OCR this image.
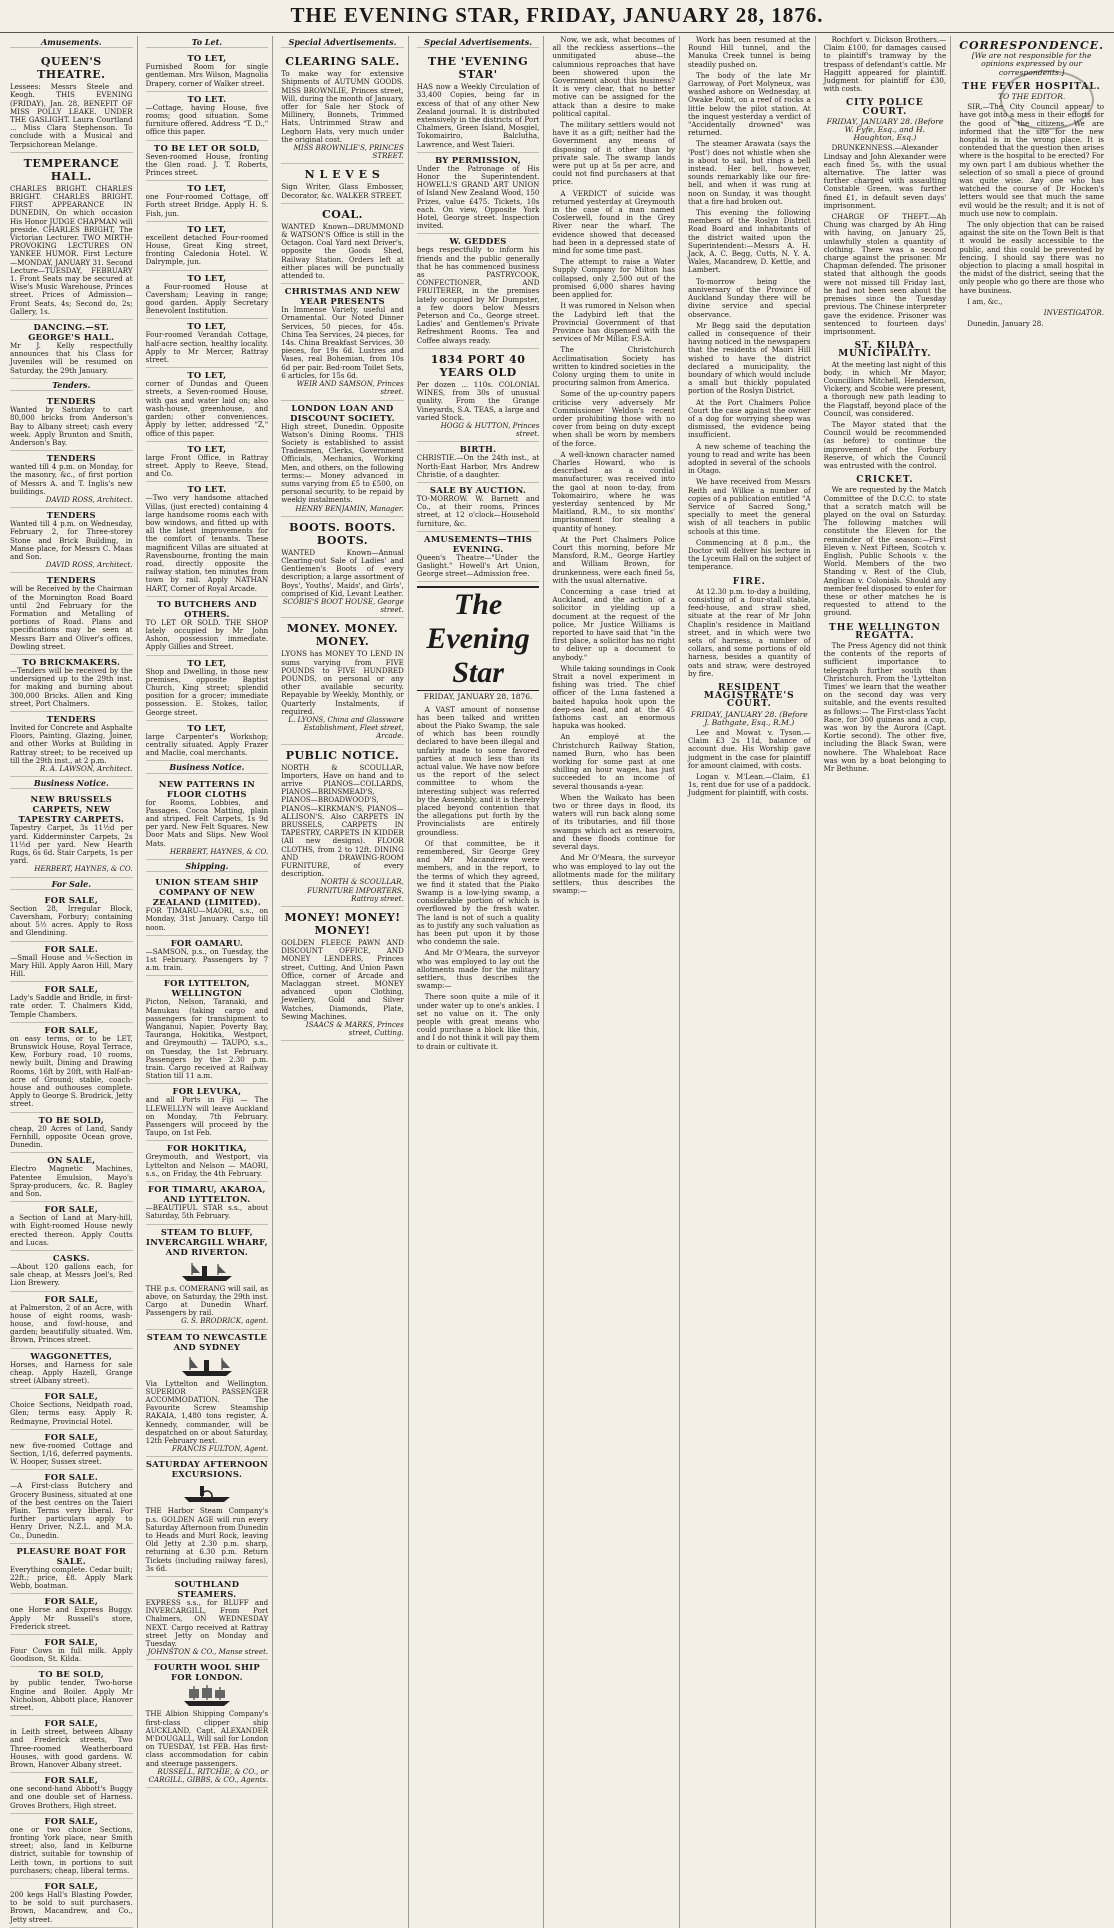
THE EVENING STAR, FRIDAY, JANUARY 28, 1876.
Amusements.
QUEEN'S THEATRE.
Lessees: Messrs Steele and Keogh. THIS EVENING (FRIDAY), Jan. 28, BENEFIT OF MISS POLLY LEAKE. UNDER THE GASLIGHT. Laura Courtland ... Miss Clara Stephenson. To conclude with a Musical and Terpsichorean Melange.
TEMPERANCE HALL.
CHARLES BRIGHT. CHARLES BRIGHT. CHARLES BRIGHT. FIRST APPEARANCE IN DUNEDIN, On which occasion His Honor JUDGE CHAPMAN will preside. CHARLES BRIGHT, The Victorian Lecturer. TWO MIRTH-PROVOKING LECTURES ON YANKEE HUMOR. First Lecture—MONDAY, JANUARY 31. Second Lecture—TUESDAY, FEBRUARY 1. Front Seats may be secured at Wise's Music Warehouse, Princes street. Prices of Admission—Front Seats, 4s; Second do, 2s; Gallery, 1s.
DANCING.—ST. GEORGE'S HALL.
Mr J. Kelly respectfully announces that his Class for Juveniles will be resumed on Saturday, the 29th January.
Tenders.
TENDERS
Wanted by Saturday to cart 80,000 bricks from Anderson's Bay to Albany street; cash every week. Apply Brunton and Smith, Anderson's Bay.
TENDERS
wanted till 4 p.m. on Monday, for the masonry, &c., of first portion of Messrs A. and T. Inglis's new buildings.
DAVID ROSS, Architect.
TENDERS
Wanted till 4 p.m. on Wednesday, February 2, for Three-storey Stone and Brick Building, in Manse place, for Messrs C. Maas and Son.
DAVID ROSS, Architect.
TENDERS
will be Received by the Chairman of the Mornington Road Board until 2nd February for the Formation and Metalling of portions of Road. Plans and specifications may be seen at Messrs Barr and Oliver's offices, Dowling street.
TO BRICKMAKERS.
—Tenders will be received by the undersigned up to the 29th inst. for making and burning about 300,000 Bricks. Allen and King street, Port Chalmers.
TENDERS
Invited for Concrete and Asphalte Floors, Painting, Glazing, Joiner, and other Works at Building in Rattray street; to be received up till the 29th inst., at 2 p.m.
R. A. LAWSON, Architect.
Business Notice.
NEW BRUSSELS CARPETS, NEW TAPESTRY CARPETS.
Tapestry Carpet, 3s 11½d per yard. Kidderminster Carpets, 2s 11½d per yard. New Hearth Rugs, 6s 6d. Stair Carpets, 1s per yard.
HERBERT, HAYNES, & CO.
For Sale.
FOR SALE,
Section 28, Irregular Block, Caversham, Forbury; containing about 5½ acres. Apply to Ross and Glendining.
FOR SALE.
—Small House and ¼-Section in Mary Hill. Apply Aaron Hill, Mary Hill.
FOR SALE,
Lady's Saddle and Bridle, in first-rate order. T. Chalmers Kidd, Temple Chambers.
FOR SALE,
on easy terms, or to be LET, Brunswick House, Royal Terrace, Kew, Forbury road, 10 rooms, newly built, Dining and Drawing Rooms, 16ft by 20ft, with Half-an-acre of Ground; stable, coach-house and outhouses complete. Apply to George S. Brodrick, Jetty street.
TO BE SOLD,
cheap, 20 Acres of Land, Sandy Fernhill, opposite Ocean grove, Dunedin.
ON SALE,
Electro Magnetic Machines, Patentee Emulsion, Mayo's Spray-producers, &c. R. Bagley and Son.
FOR SALE,
a Section of Land at Mary-hill, with Eight-roomed House newly erected thereon. Apply Coutts and Lucas.
CASKS.
—About 120 gallons each, for sale cheap, at Messrs Joel's, Red Lion Brewery.
FOR SALE,
at Palmerston, 2 of an Acre, with house of eight rooms, wash-house, and fowl-house, and garden; beautifully situated. Wm. Brown, Princes street.
WAGGONETTES,
Horses, and Harness for sale cheap. Apply Hazell, Grange street (Albany street).
FOR SALE,
Choice Sections, Neidpath road, Glen; terms easy. Apply R. Redmayne, Provincial Hotel.
FOR SALE,
new five-roomed Cottage and Section, 1/16, deferred payments. W. Hooper, Sussex street.
FOR SALE.
—A First-class Butchery and Grocery Business, situated at one of the best centres on the Taieri Plain. Terms very liberal. For further particulars apply to Henry Driver, N.Z.L. and M.A. Co., Dunedin.
PLEASURE BOAT FOR SALE.
Everything complete. Cedar built; 22ft.; price, £8. Apply Mark Webb, boatman.
FOR SALE,
one Horse and Express Buggy. Apply Mr Russell's store, Frederick street.
FOR SALE,
Four Cows in full milk. Apply Goodison, St. Kilda.
TO BE SOLD,
by public tender, Two-horse Engine and Boiler. Apply Mr Nicholson, Abbott place, Hanover street.
FOR SALE,
in Leith street, between Albany and Frederick streets, Two Three-roomed Weatherboard Houses, with good gardens. W. Brown, Hanover Albany street.
FOR SALE,
one second-hand Abbott's Buggy and one double set of Harness. Groves Brothers, High street.
FOR SALE,
one or two choice Sections, fronting York place, near Smith street; also, land in Kelburne district, suitable for township of Leith town, in portions to suit purchasers; cheap, liberal terms.
FOR SALE,
200 kegs Hall's Blasting Powder, to be sold to suit purchasers. Brown, Macandrew, and Co., Jetty street.
To Let.
TO LET,
Furnished Room for single gentleman. Mrs Wilson, Magnolia Drapery, corner of Walker street.
TO LET.
—Cottage, having House, five rooms; good situation. Some furniture offered. Address "T. D.," office this paper.
TO BE LET OR SOLD,
Seven-roomed House, fronting the Glen road. J. T. Roberts, Princes street.
TO LET,
one Four-roomed Cottage, off Forth street Bridge. Apply H. S. Fish, jun.
TO LET,
excellent detached Four-roomed House, Great King street, fronting Caledonia Hotel. W. Dalrymple, jun.
TO LET,
a Four-roomed House at Caversham; Leaving in range; good garden. Apply Secretary Benevolent Institution.
TO LET,
Four-roomed Verandah Cottage, half-acre section, healthy locality. Apply to Mr Mercer, Rattray street.
TO LET,
corner of Dundas and Queen streets, a Seven-roomed House, with gas and water laid on; also wash-house, greenhouse, and garden; other conveniences. Apply by letter, addressed "Z," office of this paper.
TO LET,
large Front Office, in Rattray street. Apply to Reeve, Stead, and Co.
TO LET.
—Two very handsome attached Villas, (just erected) containing 4 large handsome rooms each with bow windows, and fitted up with all the latest improvements for the comfort of tenants. These magnificent Villas are situated at Ravensbourne, fronting the main road, directly opposite the railway station, ten minutes from town by rail. Apply NATHAN HART, Corner of Royal Arcade.
TO BUTCHERS AND OTHERS.
TO LET OR SOLD. THE SHOP lately occupied by Mr John Ashon, possession immediate. Apply Gillies and Street.
TO LET,
Shop and Dwelling, in those new premises, opposite Baptist Church, King street; splendid position for a grocer; immediate possession. E. Stokes, tailor, George street.
TO LET,
large Carpenter's Workshop; centrally situated. Apply Frazer and Maclie, coal merchants.
Business Notice.
NEW PATTERNS IN FLOOR CLOTHS
for Rooms, Lobbies, and Passages. Cocoa Matting, plain and striped. Felt Carpets, 1s 9d per yard. New Felt Squares. New Door Mats and Slips. New Wool Mats.
HERBERT, HAYNES, & CO.
Shipping.
UNION STEAM SHIP COMPANY OF NEW ZEALAND (LIMITED).
FOR TIMARU—MAORI, s.s., on Monday, 31st January. Cargo till noon.
FOR OAMARU.
—SAMSON, p.s., on Tuesday, the 1st February. Passengers by 7 a.m. train.
FOR LYTTELTON, WELLINGTON
Picton, Nelson, Taranaki, and Manukau (taking cargo and passengers for transhipment to Wanganui, Napier, Poverty Bay, Tauranga, Hokitika, Westport, and Greymouth) — TAUPO, s.s., on Tuesday, the 1st February. Passengers by the 2.30 p.m. train. Cargo received at Railway Station till 11 a.m.
FOR LEVUKA,
and all Ports in Fiji — The LLEWELLYN will leave Auckland on Monday, 7th February. Passengers will proceed by the Taupo, on 1st Feb.
FOR HOKITIKA,
Greymouth, and Westport, via Lyttelton and Nelson — MAORI, s.s., on Friday, the 4th February.
FOR TIMARU, AKAROA, AND LYTTELTON.
—BEAUTIFUL STAR s.s., about Saturday, 5th February.
STEAM TO BLUFF, INVERCARGILL WHARF, AND RIVERTON.
THE p.s. COMERANG will sail, as above, on Saturday, the 29th inst. Cargo at Dunedin Wharf. Passengers by rail.
G. S. BRODRICK, agent.
STEAM TO NEWCASTLE AND SYDNEY
Via Lyttelton and Wellington. SUPERIOR PASSENGER ACCOMMODATION. The Favourite Screw Steamship RAKAIA, 1,480 tons register, A. Kennedy, commander, will be despatched on or about Saturday, 12th February next.
FRANCIS FULTON, Agent.
SATURDAY AFTERNOON EXCURSIONS.
THE Harbor Steam Company's p.s. GOLDEN AGE will run every Saturday Afternoon from Dunedin to Heads and Murl Rock, leaving Old Jetty at 2.30 p.m. sharp, returning at 6.30 p.m. Return Tickets (including railway fares), 3s 6d.
SOUTHLAND STEAMERS.
EXPRESS s.s., for BLUFF and INVERCARGILL, From Port Chalmers, ON WEDNESDAY NEXT. Cargo received at Rattray street Jetty on Monday and Tuesday.
JOHNSTON & CO., Manse street.
FOURTH WOOL SHIP FOR LONDON.
THE Albion Shipping Company's first-class clipper ship AUCKLAND, Capt. ALEXANDER M'DOUGALL, Will sail for London on TUESDAY, 1st FEB. Has first-class accommodation for cabin and steerage passengers.
RUSSELL, RITCHIE, & CO., or CARGILL, GIBBS, & CO., Agents.
Special Advertisements.
CLEARING SALE.
To make way for extensive Shipments of AUTUMN GOODS. MISS BROWNLIE, Princes street, Will, during the month of January, offer for Sale her Stock of Millinery, Bonnets, Trimmed Hats, Untrimmed Straw and Leghorn Hats, very much under the original cost.
MISS BROWNLIE'S, PRINCES STREET.
N L E V E S
Sign Writer, Glass Embosser, Decorator, &c. WALKER STREET.
COAL.
WANTED Known—DRUMMOND & WATSON'S Office is still in the Octagon. Coal Yard next Driver's, opposite the Goods Shed, Railway Station. Orders left at either places will be punctually attended to.
CHRISTMAS AND NEW YEAR PRESENTS
In Immense Variety, useful and Ornamental. Our Noted Dinner Services, 50 pieces, for 45s. China Tea Services, 24 pieces, for 14s. China Breakfast Services, 30 pieces, for 19s 6d. Lustres and Vases, real Bohemian, from 10s 6d per pair. Bed-room Toilet Sets, 6 articles, for 15s 6d.
WEIR AND SAMSON, Princes street.
LONDON LOAN AND DISCOUNT SOCIETY.
High street, Dunedin. Opposite Watson's Dining Rooms. THIS Society is established to assist Tradesmen, Clerks, Government Officials, Mechanics, Working Men, and others, on the following terms:— Money advanced in sums varying from £5 to £500, on personal security, to be repaid by weekly instalments.
HENRY BENJAMIN, Manager.
BOOTS. BOOTS. BOOTS.
WANTED Known—Annual Clearing-out Sale of Ladies' and Gentlemen's Boots of every description; a large assortment of Boys', Youths', Maids', and Girls', comprised of Kid, Levant Leather.
SCOBIE'S BOOT HOUSE, George street.
MONEY. MONEY. MONEY.
LYONS has MONEY TO LEND IN sums varying from FIVE POUNDS to FIVE HUNDRED POUNDS, on personal or any other available security. Repayable by Weekly, Monthly, or Quarterly Instalments, if required.
L. LYONS, China and Glassware Establishment, Fleet street, Arcade.
PUBLIC NOTICE.
NORTH & SCOULLAR, Importers, Have on hand and to arrive PIANOS—COLLARDS, PIANOS—BRINSMEAD'S, PIANOS—BROADWOOD'S, PIANOS—KIRKMAN'S, PIANOS—ALLISON'S. Also CARPETS IN BRUSSELS, CARPETS IN TAPESTRY, CARPETS IN KIDDER (All new designs). FLOOR CLOTHS, from 2 to 12ft. DINING AND DRAWING-ROOM FURNITURE, of every description.
NORTH & SCOULLAR, FURNITURE IMPORTERS, Rattray street.
MONEY! MONEY! MONEY!
GOLDEN FLEECE PAWN AND DISCOUNT OFFICE, AND MONEY LENDERS, Princes street, Cutting, And Union Pawn Office, corner of Arcade and Maclaggan street. MONEY advanced upon Clothing, Jewellery, Gold and Silver Watches, Diamonds, Plate, Sewing Machines.
ISAACS & MARKS, Princes street, Cutting.
Special Advertisements.
THE 'EVENING STAR'
HAS now a Weekly Circulation of 33,400 Copies, being far in excess of that of any other New Zealand journal. It is distributed extensively in the districts of Port Chalmers, Green Island, Mosgiel, Tokomairiro, Balclutha, Lawrence, and West Taieri.
BY PERMISSION,
Under the Patronage of His Honor the Superintendent. HOWELL'S GRAND ART UNION of Island New Zealand Wood, 150 Prizes, value £475. Tickets, 10s each. On view, Opposite York Hotel, George street. Inspection invited.
W. GEDDES
begs respectfully to inform his friends and the public generally that he has commenced business as PASTRYCOOK, CONFECTIONER, AND FRUITERER, in the premises lately occupied by Mr Dumpster, a few doors below Messrs Peterson and Co., George street. Ladies' and Gentlemen's Private Refreshment Rooms. Tea and Coffee always ready.
1834 PORT 40 YEARS OLD
Per dozen ... 110s. COLONIAL WINES, from 30s of unusual quality. From the Grange Vineyards, S.A. TEAS, a large and varied Stock.
HOGG & HUTTON, Princes street.
BIRTH.
CHRISTIE.—On the 24th inst., at North-East Harbor, Mrs Andrew Christie, of a daughter.
SALE BY AUCTION.
TO-MORROW. W. Barnett and Co., at their rooms, Princes street, at 12 o'clock—Household furniture, &c.
AMUSEMENTS—THIS EVENING.
Queen's Theatre—"Under the Gaslight." Howell's Art Union, George street—Admission free.
The Evening Star
FRIDAY, JANUARY 28, 1876.

A VAST amount of nonsense has been talked and written about the Piako Swamp, the sale of which has been roundly declared to have been illegal and unfairly made to some favored parties at much less than its actual value. We have now before us the report of the select committee to whom the interesting subject was referred by the Assembly, and it is thereby placed beyond contention that the allegations put forth by the Provincialists are entirely groundless.

Of that committee, be it remembered, Sir George Grey and Mr Macandrew were members, and in the report, to the terms of which they agreed, we find it stated that the Piako Swamp is a low-lying swamp, a considerable portion of which is overflowed by the fresh water. The land is not of such a quality as to justify any such valuation as has been put upon it by those who condemn the sale.

And Mr O'Meara, the surveyor who was employed to lay out the allotments made for the military settlers, thus describes the swamp:—

There soon quite a mile of it under water up to one's ankles. I set no value on it. The only people with great means who could purchase a block like this, and I do not think it will pay them to drain or cultivate it.

Now, we ask, what becomes of all the reckless assertions—the unmitigated abuse—the calumnious reproaches that have been showered upon the Government about this business? It is very clear, that no better motive can be assigned for the attack than a desire to make political capital.

The military settlers would not have it as a gift; neither had the Government any means of disposing of it other than by private sale. The swamp lands were put up at 5s per acre, and could not find purchasers at that price.

A VERDICT of suicide was returned yesterday at Greymouth in the case of a man named Coslerwell, found in the Grey River near the wharf. The evidence showed that deceased had been in a depressed state of mind for some time past.

The attempt to raise a Water Supply Company for Milton has collapsed, only 2,500 out of the promised 6,000 shares having been applied for.

It was rumored in Nelson when the Ladybird left that the Provincial Government of that Province has dispensed with the services of Mr Millar, F.S.A.

The Christchurch Acclimatisation Society has written to kindred societies in the Colony urging them to unite in procuring salmon from America.

Some of the up-country papers criticise very adversely Mr Commissioner Weldon's recent order prohibiting those with no cover from being on duty except when shall be worn by members of the force.

A well-known character named Charles Howard, who is described as a cordial manufacturer, was received into the gaol at noon to-day, from Tokomairiro, where he was yesterday sentenced by Mr Maitland, R.M., to six months' imprisonment for stealing a quantity of honey.

At the Port Chalmers Police Court this morning, before Mr Mansford, R.M., George Hartley and William Brown, for drunkenness, were each fined 5s, with the usual alternative.

Concerning a case tried at Auckland, and the action of a solicitor in yielding up a document at the request of the police, Mr Justice Williams is reported to have said that "in the first place, a solicitor has no right to deliver up a document to anybody."

While taking soundings in Cook Strait a novel experiment in fishing was tried. The chief officer of the Luna fastened a baited hapuka hook upon the deep-sea lead, and at the 45 fathoms cast an enormous hapuka was hooked.

An employé at the Christchurch Railway Station, named Burn, who has been working for some past at one shilling an hour wages, has just succeeded to an income of several thousands a-year.

When the Waikato has been two or three days in flood, its waters will run back along some of its tributaries, and fill those swamps which act as reservoirs, and these floods continue for several days.

And Mr O'Meara, the surveyor who was employed to lay out the allotments made for the military settlers, thus describes the swamp:—

Work has been resumed at the Round Hill tunnel, and the Manuka Creek tunnel is being steadily pushed on.

The body of the late Mr Garroway, of Port Molyneux, was washed ashore on Wednesday, at Owake Point, on a reef of rocks a little below the pilot station. At the inquest yesterday a verdict of "Accidentally drowned" was returned.

The steamer Arawata (says the 'Post') does not whistle when she is about to sail, but rings a bell instead. Her bell, however, sounds remarkably like our fire-bell, and when it was rung at noon on Sunday, it was thought that a fire had broken out.

This evening the following members of the Roslyn District Road Board and inhabitants of the district waited upon the Superintendent:—Messrs A. H. Jack, A. C. Begg, Cutts, N. Y. A. Wales, Macandrew, D. Kettle, and Lambert.

To-morrow being the anniversary of the Province of Auckland Sunday there will be divine service and special observance.

Mr Begg said the deputation called in consequence of their having noticed in the newspapers that the residents of Maori Hill wished to have the district declared a municipality, the boundary of which would include a small but thickly populated portion of the Roslyn District.

At the Port Chalmers Police Court the case against the owner of a dog for worrying sheep was dismissed, the evidence being insufficient.

A new scheme of teaching the young to read and write has been adopted in several of the schools in Otago.

We have received from Messrs Reith and Wilkie a number of copies of a publication entitled "A Service of Sacred Song," specially to meet the general wish of all teachers in public schools at this time.

Commencing at 8 p.m., the Doctor will deliver his lecture in the Lyceum Hall on the subject of temperance.

FIRE.

At 12.30 p.m. to-day a building, consisting of a four-stall stable, feed-house, and straw shed, situate at the rear of Mr John Chaplin's residence in Maitland street, and in which were two sets of harness, a number of collars, and some portions of old harness, besides a quantity of oats and straw, were destroyed by fire.

RESIDENT MAGISTRATE'S COURT.
FRIDAY, JANUARY 28. (Before J. Bathgate, Esq., R.M.)

Lee and Mowat v. Tyson.—Claim £3 2s 11d, balance of account due. His Worship gave judgment in the case for plaintiff for amount claimed, with costs.

Logan v. M'Lean.—Claim, £1 1s, rent due for use of a paddock. Judgment for plaintiff, with costs.

Rochfort v. Dickson Brothers.—Claim £100, for damages caused to plaintiff's tramway by the trespass of defendant's cattle. Mr Haggitt appeared for plaintiff. Judgment for plaintiff for £30, with costs.

CITY POLICE COURT.
FRIDAY, JANUARY 28. (Before W. Fyfe, Esq., and H. Houghton, Esq.)

DRUNKENNESS.—Alexander Lindsay and John Alexander were each fined 5s, with the usual alternative. The latter was further charged with assaulting Constable Green, was further fined £1, in default seven days' imprisonment.

CHARGE OF THEFT.—Ah Chung was charged by Ah Hing with having, on January 25, unlawfully stolen a quantity of clothing. There was a second charge against the prisoner. Mr Chapman defended. The prisoner stated that although the goods were not missed till Friday last, he had not been seen about the premises since the Tuesday previous. The Chinese interpreter gave the evidence. Prisoner was sentenced to fourteen days' imprisonment.

ST. KILDA MUNICIPALITY.

At the meeting last night of this body, in which Mr Mayor, Councillors Mitchell, Henderson, Vickery, and Scobie were present, a thorough new path leading to the Flagstaff, beyond place of the Council, was considered.

The Mayor stated that the Council would be recommended (as before) to continue the improvement of the Forbury Reserve, of which the Council was entrusted with the control.

CRICKET.

We are requested by the Match Committee of the D.C.C. to state that a scratch match will be played on the oval on Saturday. The following matches will constitute the Eleven for the remainder of the season:—First Eleven v. Next Fifteen, Scotch v. English, Public Schools v. the World. Members of the two Standing v. Rest of the Club, Anglican v. Colonials. Should any member feel disposed to enter for these or other matches he is requested to attend to the ground.

THE WELLINGTON REGATTA.

The Press Agency did not think the contents of the reports of sufficient importance to telegraph further south than Christchurch. From the 'Lyttelton Times' we learn that the weather on the second day was very suitable, and the events resulted as follows:— The First-class Yacht Race, for 300 guineas and a cup, was won by the Aurora (Capt. Kortie second). The other five, including the Black Swan, were nowhere. The Whaleboat Race was won by a boat belonging to Mr Bethune.

CORRESPONDENCE.
[We are not responsible for the opinions expressed by our correspondents.]
THE FEVER HOSPITAL.
TO THE EDITOR.

SIR,—The City Council appear to have got into a mess in their efforts for the good of the citizens. We are informed that the site for the new hospital is in the wrong place. It is contended that the question then arises where is the hospital to be erected? For my own part I am dubious whether the selection of so small a piece of ground was quite wise. Any one who has watched the course of Dr Hocken's letters would see that much the same evil would be the result; and it is not of much use now to complain.

The only objection that can be raised against the site on the Town Belt is that it would be easily accessible to the public, and this could be prevented by fencing. I should say there was no objection to placing a small hospital in the midst of the district, seeing that the only people who go there are those who have business.

I am, &c.,

INVESTIGATOR.

Dunedin, January 28.
